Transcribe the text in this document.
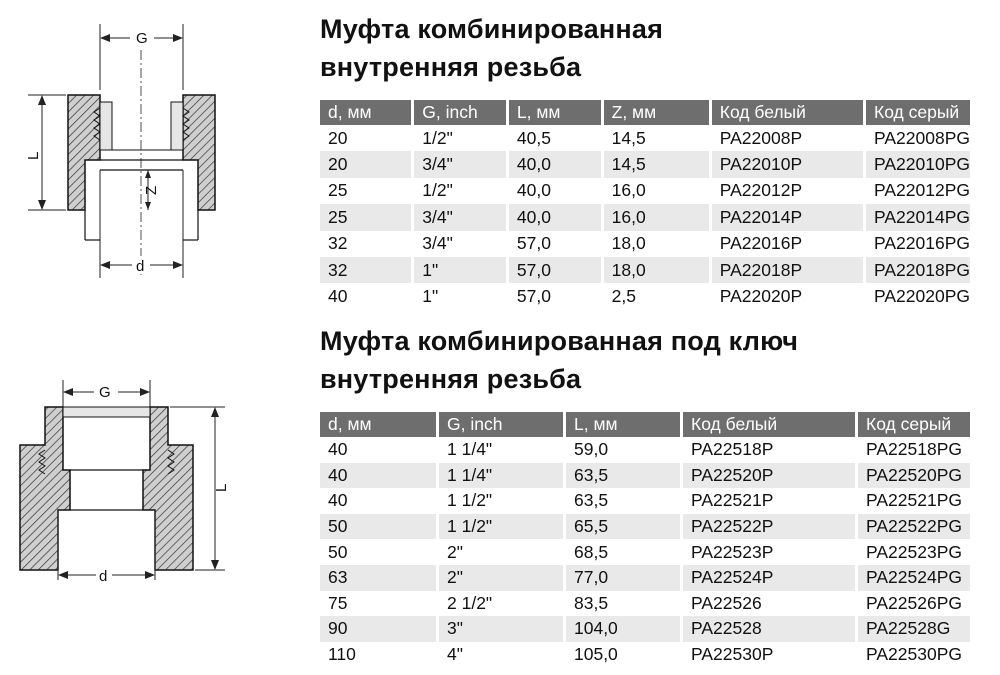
G
Z
L
d
G
L
d
Муфта комбинированная
внутренняя резьба
d, мм	G, inch	L, мм	Z, мм	Код белый	Код серый
20	1/2"	40,5	14,5	PA22008P	PA22008PG
20	3/4"	40,0	14,5	PA22010P	PA22010PG
25	1/2"	40,0	16,0	PA22012P	PA22012PG
25	3/4"	40,0	16,0	PA22014P	PA22014PG
32	3/4"	57,0	18,0	PA22016P	PA22016PG
32	1"	57,0	18,0	PA22018P	PA22018PG
40	1"	57,0	2,5	PA22020P	PA22020PG
Муфта комбинированная под ключ
внутренняя резьба
d, мм	G, inch	L, мм	Код белый	Код серый
40	1 1/4"	59,0	PA22518P	PA22518PG
40	1 1/4"	63,5	PA22520P	PA22520PG
40	1 1/2"	63,5	PA22521P	PA22521PG
50	1 1/2"	65,5	PA22522P	PA22522PG
50	2"	68,5	PA22523P	PA22523PG
63	2"	77,0	PA22524P	PA22524PG
75	2 1/2"	83,5	PA22526	PA22526PG
90	3"	104,0	PA22528	PA22528G
110	4"	105,0	PA22530P	PA22530PG
